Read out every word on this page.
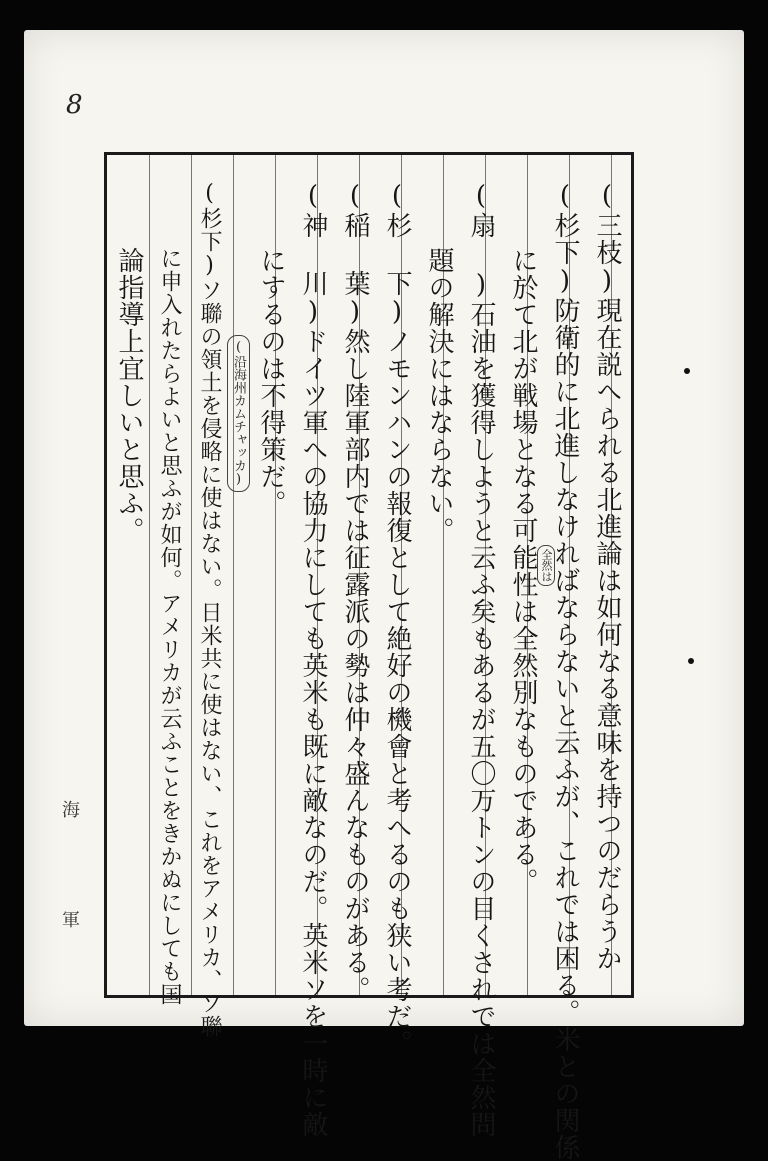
8
(三枝)現在説へられる北進論は如何なる意味を持つのだらうか
(杉下)防衛的に北進しなければならないと云ふが、これでは困る。米との関係
に於て北が戦場となる可能性は全然別なものである。
(扇 )石油を獲得しようと云ふ矣もあるが五〇万トンの目くされでは全然問
題の解決にはならない。
(杉 下)ノモンハンの報復として絶好の機會と考へるのも狭い考だ。
(稲 葉)然し陸軍部内では征露派の勢は仲々盛んなものがある。
(神 川)ドイツ軍への協力にしても英米も既に敵なのだ。英米ソを一時に敵
にするのは不得策だ。
(杉下)ソ聯の領土を侵略に使はない。日米共に使はない、これをアメリカ、ソ聯
に申入れたらよいと思ふが如何。アメリカが云ふことをきかぬにしても国
論指導上宜しいと思ふ。	(沿海州カムチャッカ)
全然は
海
軍
